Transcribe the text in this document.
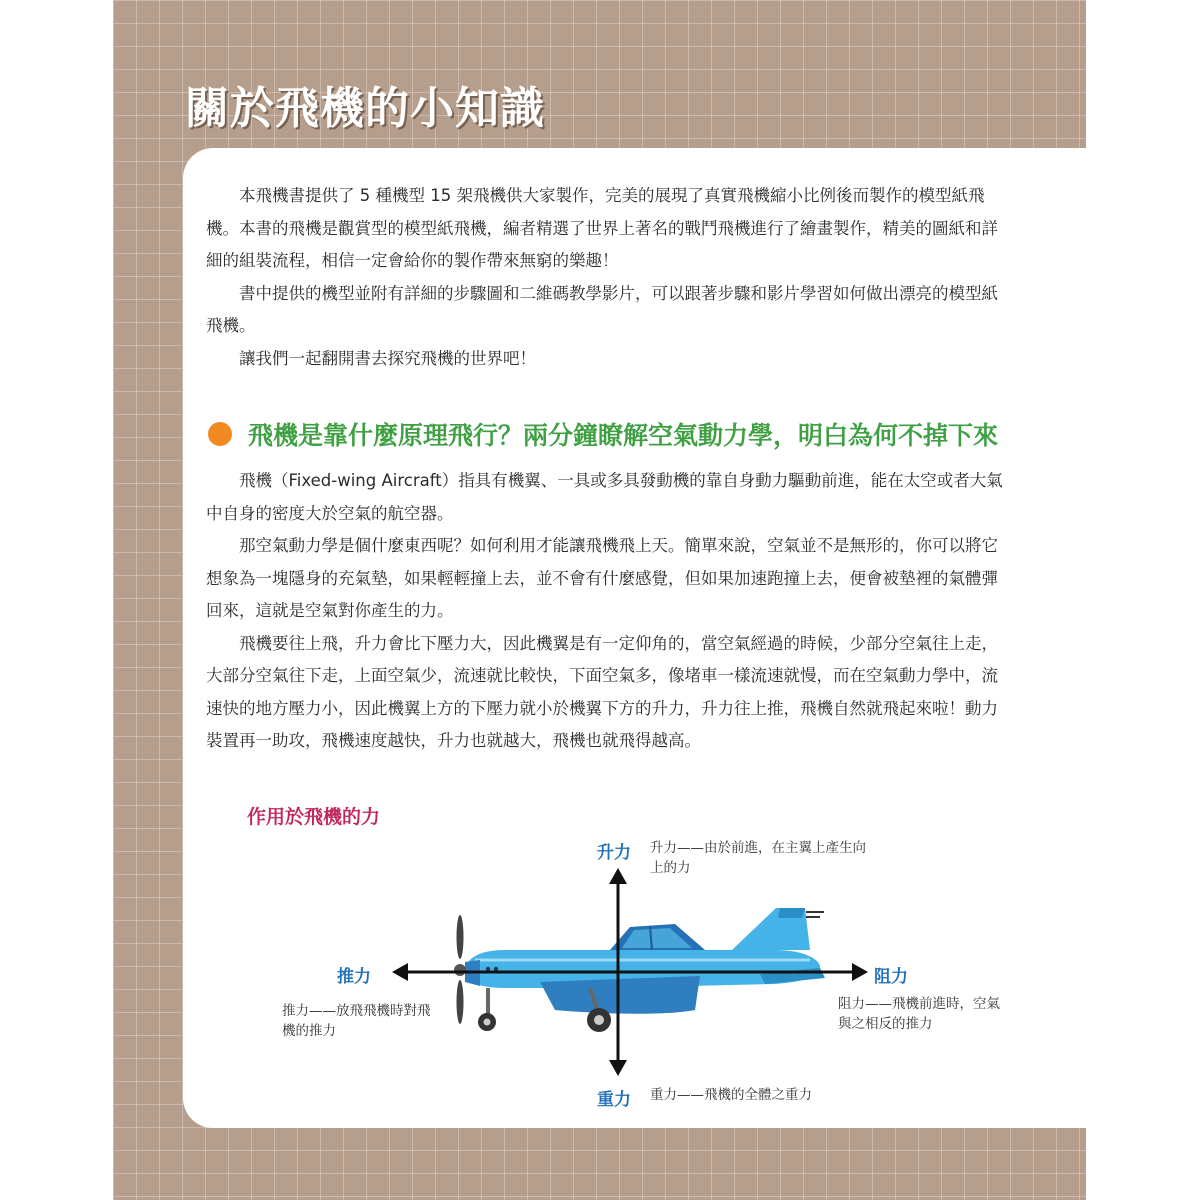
關於飛機的小知識

本飛機書提供了 5 種機型 15 架飛機供大家製作，完美的展現了真實飛機縮小比例後而製作的模型紙飛機。本書的飛機是觀賞型的模型紙飛機，編者精選了世界上著名的戰鬥飛機進行了繪畫製作，精美的圖紙和詳細的組裝流程，相信一定會給你的製作帶來無窮的樂趣！

書中提供的機型並附有詳細的步驟圖和二維碼教學影片，可以跟著步驟和影片學習如何做出漂亮的模型紙飛機。

讓我們一起翻開書去探究飛機的世界吧！

飛機是靠什麼原理飛行？兩分鐘瞭解空氣動力學，明白為何不掉下來

飛機（Fixed-wing Aircraft）指具有機翼、一具或多具發動機的靠自身動力驅動前進，能在太空或者大氣中自身的密度大於空氣的航空器。

那空氣動力學是個什麼東西呢？如何利用才能讓飛機飛上天。簡單來說，空氣並不是無形的，你可以將它想象為一塊隱身的充氣墊，如果輕輕撞上去，並不會有什麼感覺，但如果加速跑撞上去，便會被墊裡的氣體彈回來，這就是空氣對你產生的力。

飛機要往上飛，升力會比下壓力大，因此機翼是有一定仰角的，當空氣經過的時候，少部分空氣往上走，大部分空氣往下走，上面空氣少，流速就比較快，下面空氣多，像堵車一樣流速就慢，而在空氣動力學中，流速快的地方壓力小，因此機翼上方的下壓力就小於機翼下方的升力，升力往上推，飛機自然就飛起來啦！動力裝置再一助攻，飛機速度越快，升力也就越大，飛機也就飛得越高。

作用於飛機的力
升力 升力——由於前進，在主翼上產生向上的力
推力
推力——放飛飛機時對飛機的推力
阻力
阻力——飛機前進時，空氣與之相反的推力
重力 重力——飛機的全體之重力
